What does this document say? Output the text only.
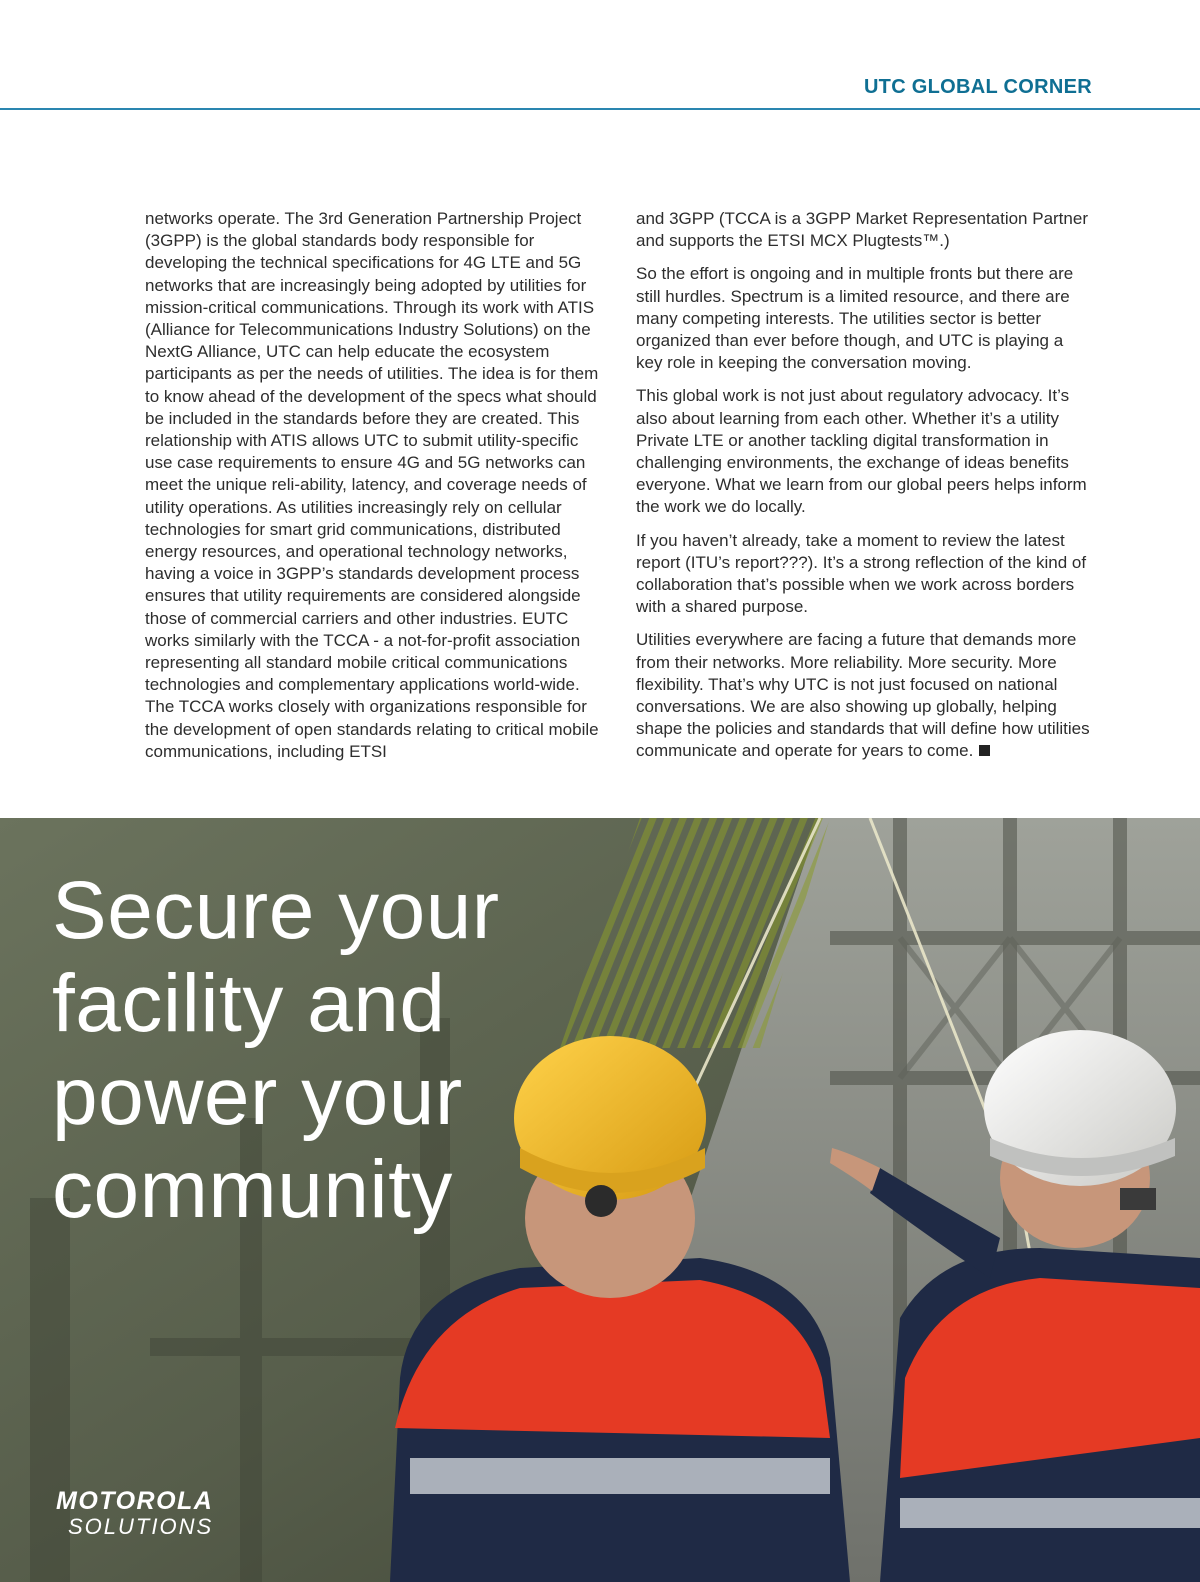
UTC GLOBAL CORNER

networks operate. The 3rd Generation Partnership Project (3GPP) is the global standards body responsible for developing the technical specifications for 4G LTE and 5G networks that are increasingly being adopted by utilities for mission-critical communications. Through its work with ATIS (Alliance for Telecommunications Industry Solutions) on the NextG Alliance, UTC can help educate the ecosystem participants as per the needs of utilities. The idea is for them to know ahead of the development of the specs what should be included in the standards before they are created. This relationship with ATIS allows UTC to submit utility-specific use case requirements to ensure 4G and 5G networks can meet the unique reli-ability, latency, and coverage needs of utility operations. As utilities increasingly rely on cellular technologies for smart grid communications, distributed energy resources, and operational technology networks, having a voice in 3GPP’s standards development process ensures that utility requirements are considered alongside those of commercial carriers and other industries. EUTC works similarly with the TCCA - a not-for-profit association representing all standard mobile critical communications technologies and complementary applications world-wide. The TCCA works closely with organizations responsible for the development of open standards relating to critical mobile communications, including ETSI

and 3GPP (TCCA is a 3GPP Market Representation Partner and supports the ETSI MCX Plugtests™.)

So the effort is ongoing and in multiple fronts but there are still hurdles. Spectrum is a limited resource, and there are many competing interests. The utilities sector is better organized than ever before though, and UTC is playing a key role in keeping the conversation moving.

This global work is not just about regulatory advocacy. It’s also about learning from each other. Whether it’s a utility Private LTE or another tackling digital transformation in challenging environments, the exchange of ideas benefits everyone. What we learn from our global peers helps inform the work we do locally.

If you haven’t already, take a moment to review the latest report (ITU’s report???). It’s a strong reflection of the kind of collaboration that’s possible when we work across borders with a shared purpose.

Utilities everywhere are facing a future that demands more from their networks. More reliability. More security. More flexibility. That’s why UTC is not just focused on national conversations. We are also showing up globally, helping shape the policies and standards that will define how utilities communicate and operate for years to come.

Secure your
facility and
power your
community
MOTOROLA
SOLUTIONS
